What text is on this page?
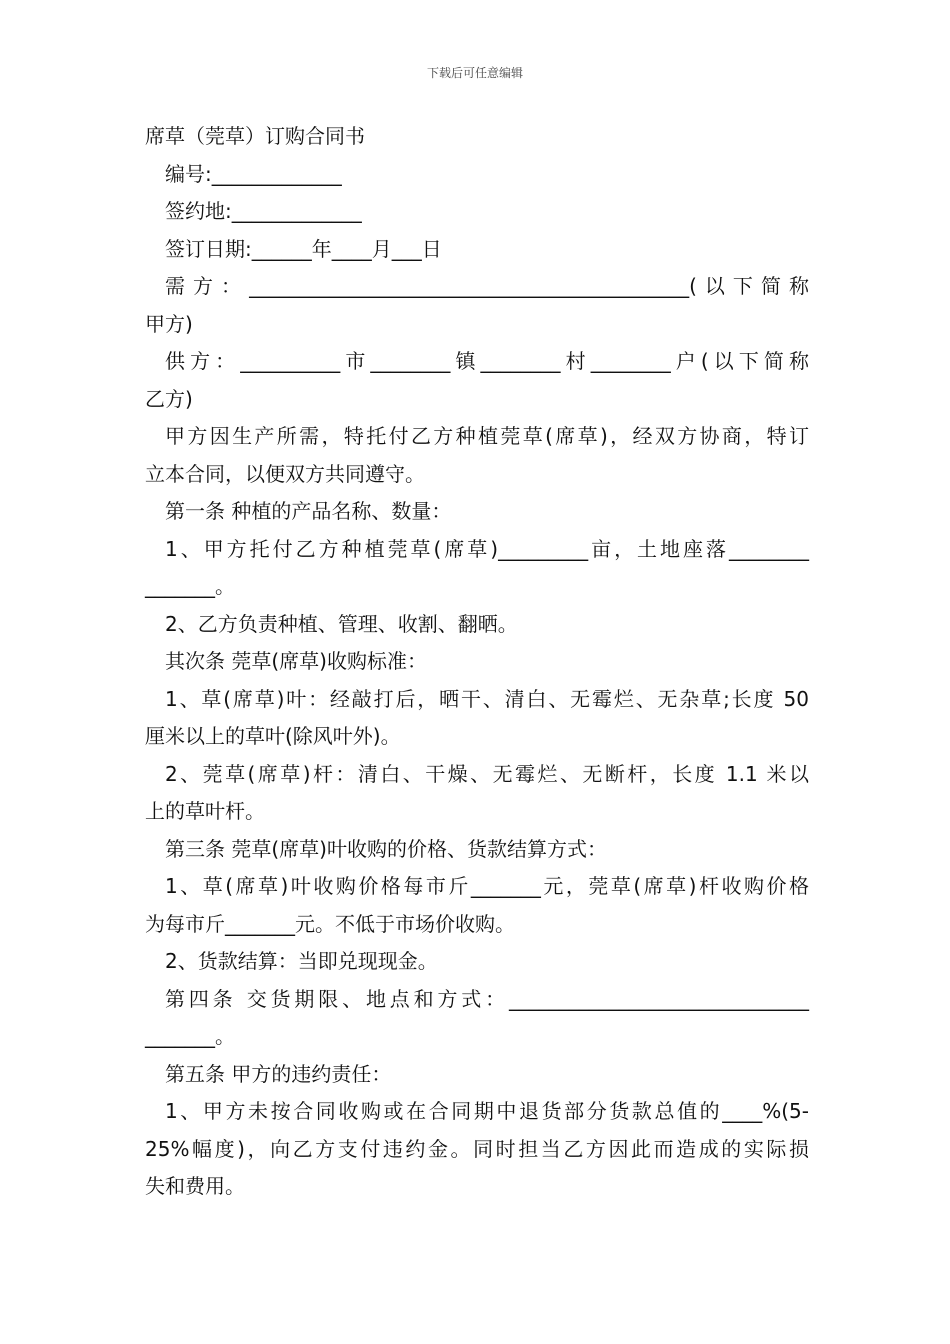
下载后可任意编辑

席草（莞草）订购合同书

编号:_____________

签约地:_____________

签订日期:______年____月___日

需方：____________________________________________(以下简称

甲方)

供方：__________市________镇________村________户(以下简称

乙方)

甲方因生产所需，特托付乙方种植莞草(席草)，经双方协商，特订

立本合同，以便双方共同遵守。

第一条 种植的产品名称、数量：

1、甲方托付乙方种植莞草(席草)_________亩，土地座落________

_______。

2、乙方负责种植、管理、收割、翻晒。

其次条 莞草(席草)收购标准：

1、草(席草)叶：经敲打后，晒干、清白、无霉烂、无杂草;长度 50

厘米以上的草叶(除风叶外)。

2、莞草(席草)杆：清白、干燥、无霉烂、无断杆，长度 1.1 米以

上的草叶杆。

第三条 莞草(席草)叶收购的价格、货款结算方式：

1、草(席草)叶收购价格每市斤_______元，莞草(席草)杆收购价格

为每市斤_______元。不低于市场价收购。

2、货款结算：当即兑现现金。

第四条 交货期限、地点和方式：______________________________

_______。

第五条 甲方的违约责任：

1、甲方未按合同收购或在合同期中退货部分货款总值的____%(5-

25%幅度)，向乙方支付违约金。同时担当乙方因此而造成的实际损

失和费用。
